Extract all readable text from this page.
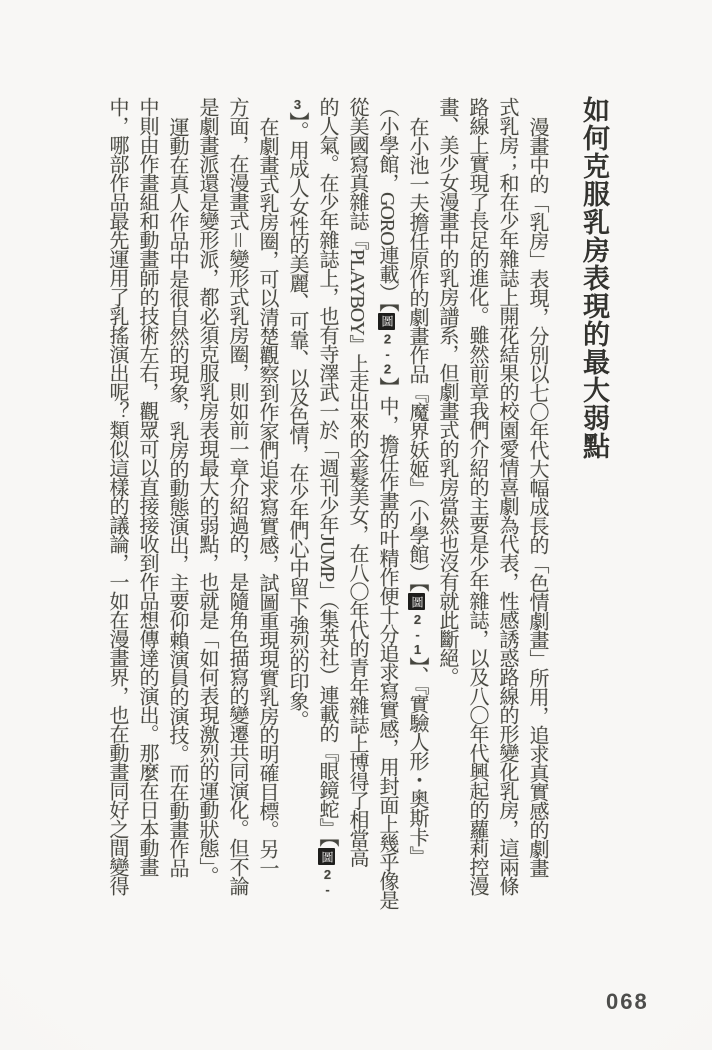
如何克服乳房表現的最大弱點
漫畫中的「乳房」表現，分別以七〇年代大幅成長的「色情劇畫」所用，追求真實感的劇畫
式乳房；和在少年雜誌上開花結果的校園愛情喜劇為代表，性感誘惑路線的形變化乳房，這兩條
路線上實現了長足的進化。雖然前章我們介紹的主要是少年雜誌，以及八〇年代興起的蘿莉控漫
畫、美少女漫畫中的乳房譜系，但劇畫式的乳房當然也沒有就此斷絕。
在小池一夫擔任原作的劇畫作品『魔界妖姬』（小學館）【圖2-1】、『實驗人形・奧斯卡』
（小學館，GORO連載）【圖2-2】中，擔任作畫的叶精作便十分追求寫實感，用封面上幾乎像是
從美國寫真雜誌『PLAYBOY』上走出來的金髮美女，在八〇年代的青年雜誌上博得了相當高
的人氣。在少年雜誌上，也有寺澤武一於「週刊少年JUMP」（集英社）連載的『眼鏡蛇』【圖2-
3】。用成人女性的美麗、可靠、以及色情，在少年們心中留下強烈的印象。
在劇畫式乳房圈，可以清楚觀察到作家們追求寫實感，試圖重現現實乳房的明確目標。另一
方面，在漫畫式＝變形式乳房圈，則如前一章介紹過的，是隨角色描寫的變遷共同演化。但不論
是劇畫派還是變形派，都必須克服乳房表現最大的弱點，也就是「如何表現激烈的運動狀態」。
運動在真人作品中是很自然的現象，乳房的動態演出，主要仰賴演員的演技。而在動畫作品
中則由作畫組和動畫師的技術左右，觀眾可以直接接收到作品想傳達的演出。那麼在日本動畫
中，哪部作品最先運用了乳搖演出呢？類似這樣的議論，一如在漫畫界，也在動畫同好之間變得
068
